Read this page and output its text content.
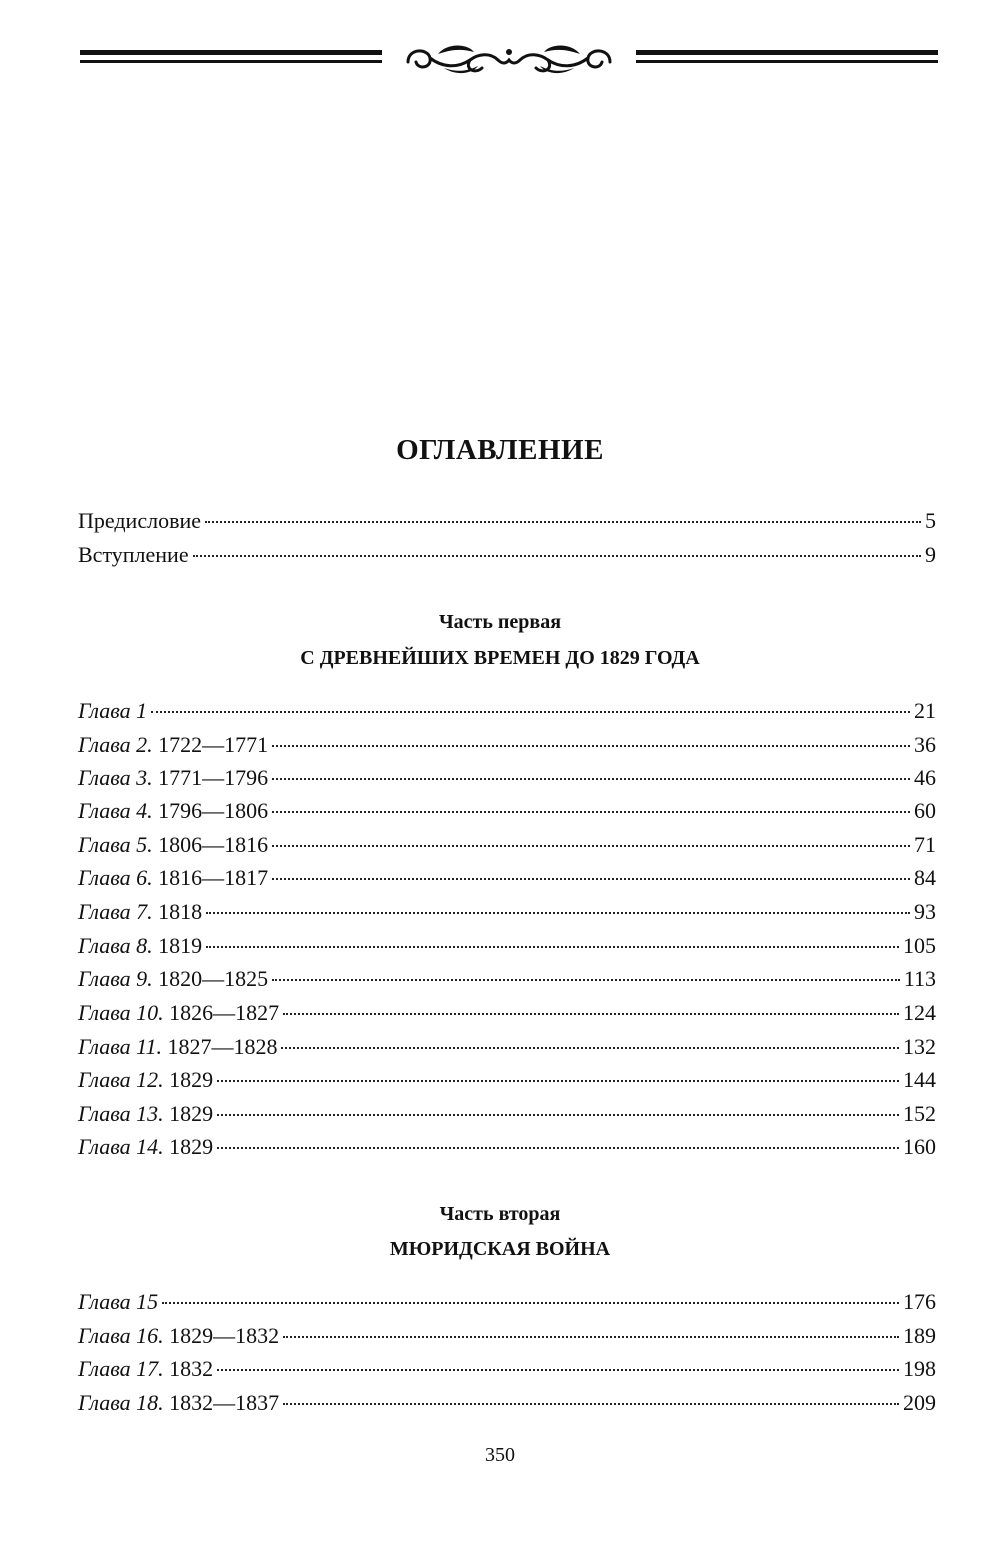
ОГЛАВЛЕНИЕ
Предисловие	5
Вступление	9
Часть первая
С ДРЕВНЕЙШИХ ВРЕМЕН ДО 1829 ГОДА
Глава 1	21
Глава 2. 1722—1771	36
Глава 3. 1771—1796	46
Глава 4. 1796—1806	60
Глава 5. 1806—1816	71
Глава 6. 1816—1817	84
Глава 7. 1818	93
Глава 8. 1819	105
Глава 9. 1820—1825	113
Глава 10. 1826—1827	124
Глава 11. 1827—1828	132
Глава 12. 1829	144
Глава 13. 1829	152
Глава 14. 1829	160
Часть вторая
МЮРИДСКАЯ ВОЙНА
Глава 15	176
Глава 16. 1829—1832	189
Глава 17. 1832	198
Глава 18. 1832—1837	209
350
